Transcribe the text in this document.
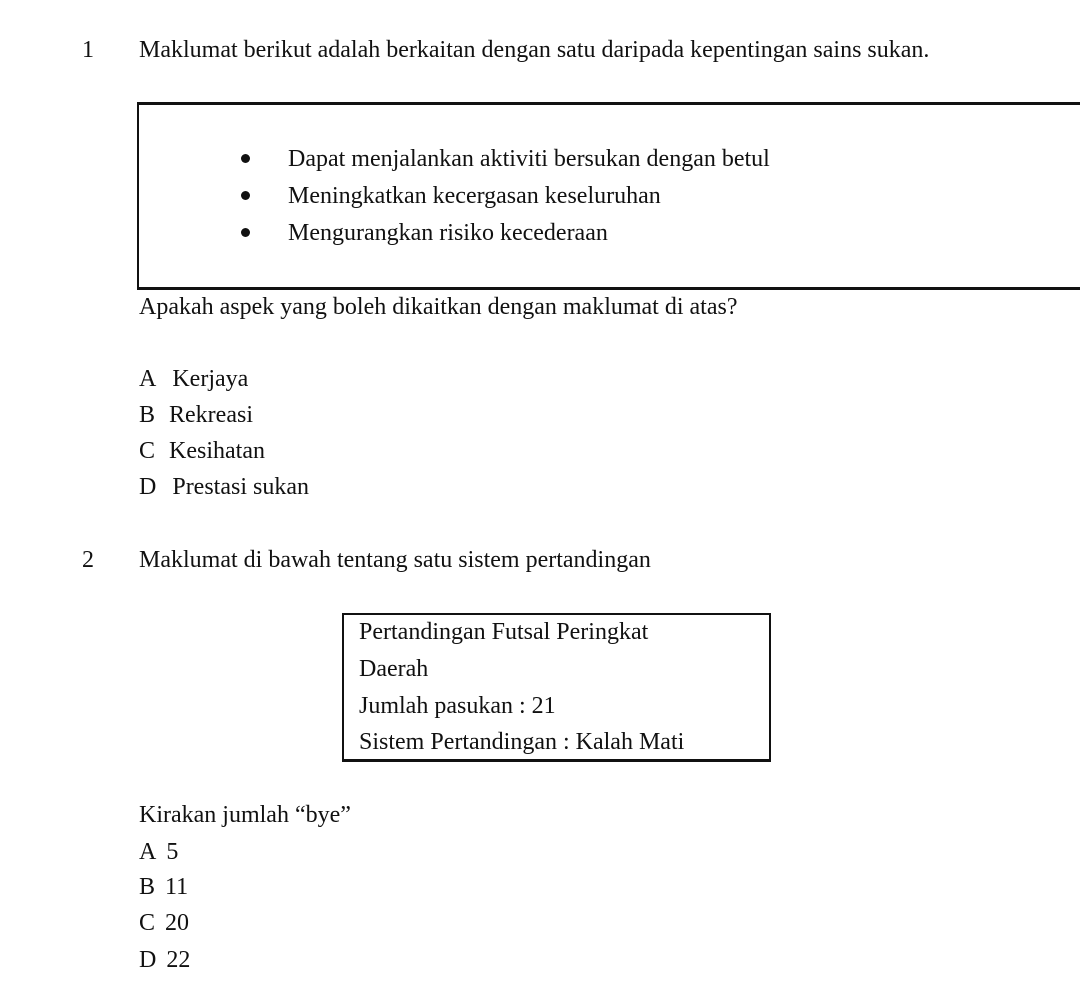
1 Maklumat berikut adalah berkaitan dengan satu daripada kepentingan sains sukan.
Dapat menjalankan aktiviti bersukan dengan betul
Meningkatkan kecergasan keseluruhan
Mengurangkan risiko kecederaan
Apakah aspek yang boleh dikaitkan dengan maklumat di atas?
A Kerjaya
B Rekreasi
C Kesihatan
D Prestasi sukan
2 Maklumat di bawah tentang satu sistem pertandingan
Pertandingan Futsal Peringkat
Daerah
Jumlah pasukan : 21
Sistem Pertandingan : Kalah Mati
Kirakan jumlah “bye”
A 5
B 11
C 20
D 22
